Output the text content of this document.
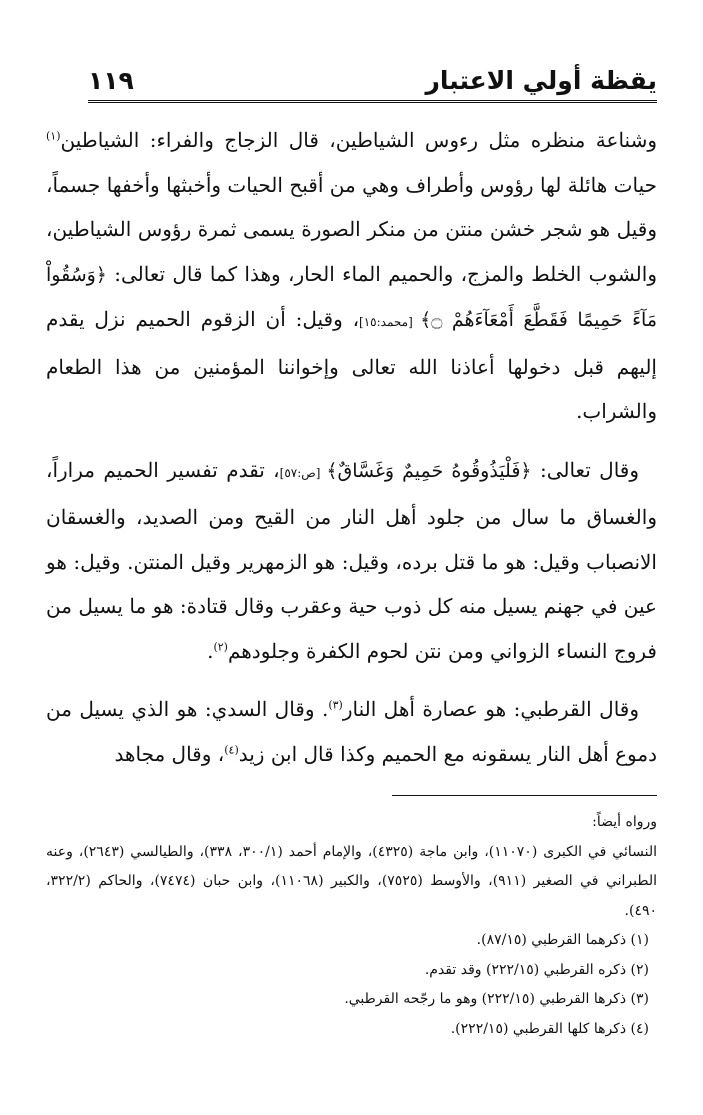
يقظة أولي الاعتبار
١١٩

وشناعة منظره مثل رءوس الشياطين، قال الزجاج والفراء: الشياطين$^{(١)}$ حيات هائلة لها رؤوس وأطراف وهي من أقبح الحيات وأخبثها وأخفها جسماً، وقيل هو شجر خشن منتن من منكر الصورة يسمى ثمرة رؤوس الشياطين، والشوب الخلط والمزج، والحميم الماء الحار، وهذا كما قال تعالى: ﴿وَسُقُواْ مَآءً حَمِيمًا فَقَطَّعَ أَمْعَآءَهُمْ ۝﴾ [محمد:١٥]، وقيل: أن الزقوم الحميم نزل يقدم إليهم قبل دخولها أعاذنا الله تعالى وإخواننا المؤمنين من هذا الطعام والشراب.

وقال تعالى: ﴿فَلْيَذُوقُوهُ حَمِيمٌ وَغَسَّاقٌ﴾ [ص:٥٧]، تقدم تفسير الحميم مراراً، والغساق ما سال من جلود أهل النار من القيح ومن الصديد، والغسقان الانصباب وقيل: هو ما قتل برده، وقيل: هو الزمهرير وقيل المنتن. وقيل: هو عين في جهنم يسيل منه كل ذوب حية وعقرب وقال قتادة: هو ما يسيل من فروج النساء الزواني ومن نتن لحوم الكفرة وجلودهم$^{(٢)}$.

وقال القرطبي: هو عصارة أهل النار$^{(٣)}$. وقال السدي: هو الذي يسيل من دموع أهل النار يسقونه مع الحميم وكذا قال ابن زيد$^{(٤)}$، وقال مجاهد

ورواه أيضاً:

النسائي في الكبرى (١١٠٧٠)، وابن ماجة (٤٣٢٥)، والإمام أحمد (٣٠٠/١، ٣٣٨)، والطيالسي (٢٦٤٣)، وعنه الطبراني في الصغير (٩١١)، والأوسط (٧٥٢٥)، والكبير (١١٠٦٨)، وابن حبان (٧٤٧٤)، والحاكم (٣٢٢/٢، ٤٩٠).

(١) ذكرهما القرطبي (٨٧/١٥).

(٢) ذكره القرطبي (٢٢٢/١٥) وقد تقدم.

(٣) ذكرها القرطبي (٢٢٢/١٥) وهو ما رجّحه القرطبي.

(٤) ذكرها كلها القرطبي (٢٢٢/١٥).
